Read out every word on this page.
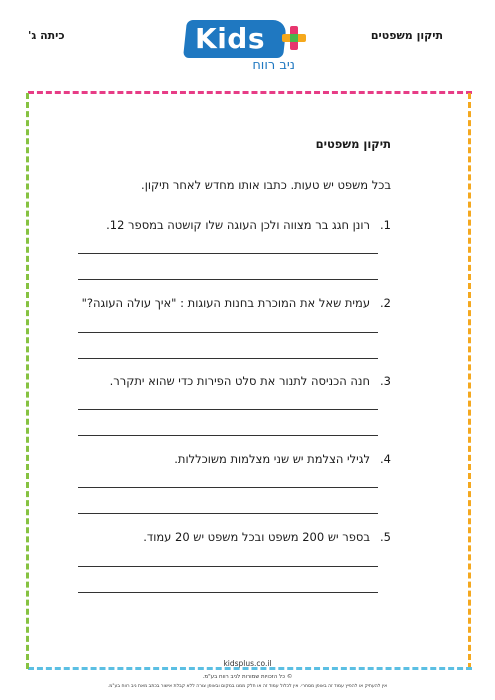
תיקון משפטים
כיתה ג'	Kids
ניב רווח
תיקון משפטים
בכל משפט יש טעות. כתבו אותו מחדש לאחר תיקון.
1.רונן חגג בר מצווה ולכן העוגה שלו קושטה במספר 12.
2.עמית שאל את המוכרת בחנות העוגות : "איך עולה העוגה?"
3.חנה הכניסה לתנור את סלט הפירות כדי שהוא יתקרר.
4.לגילי הצלמת יש שני מצלמות משוכללות.
5.בספר יש 200 משפט ובכל משפט יש 20 עמוד.
kidsplus.co.il
© כל הזכויות שמורות לניב רווח בע"מ.
אין להעתיק או להפיץ עמוד זה באופן מסחרי. אין לכלול עמוד זה או חלק ממנו במקום ובאופן צורה ללא קבלת אישור בכתב מאת ניב רווח בע"מ.
